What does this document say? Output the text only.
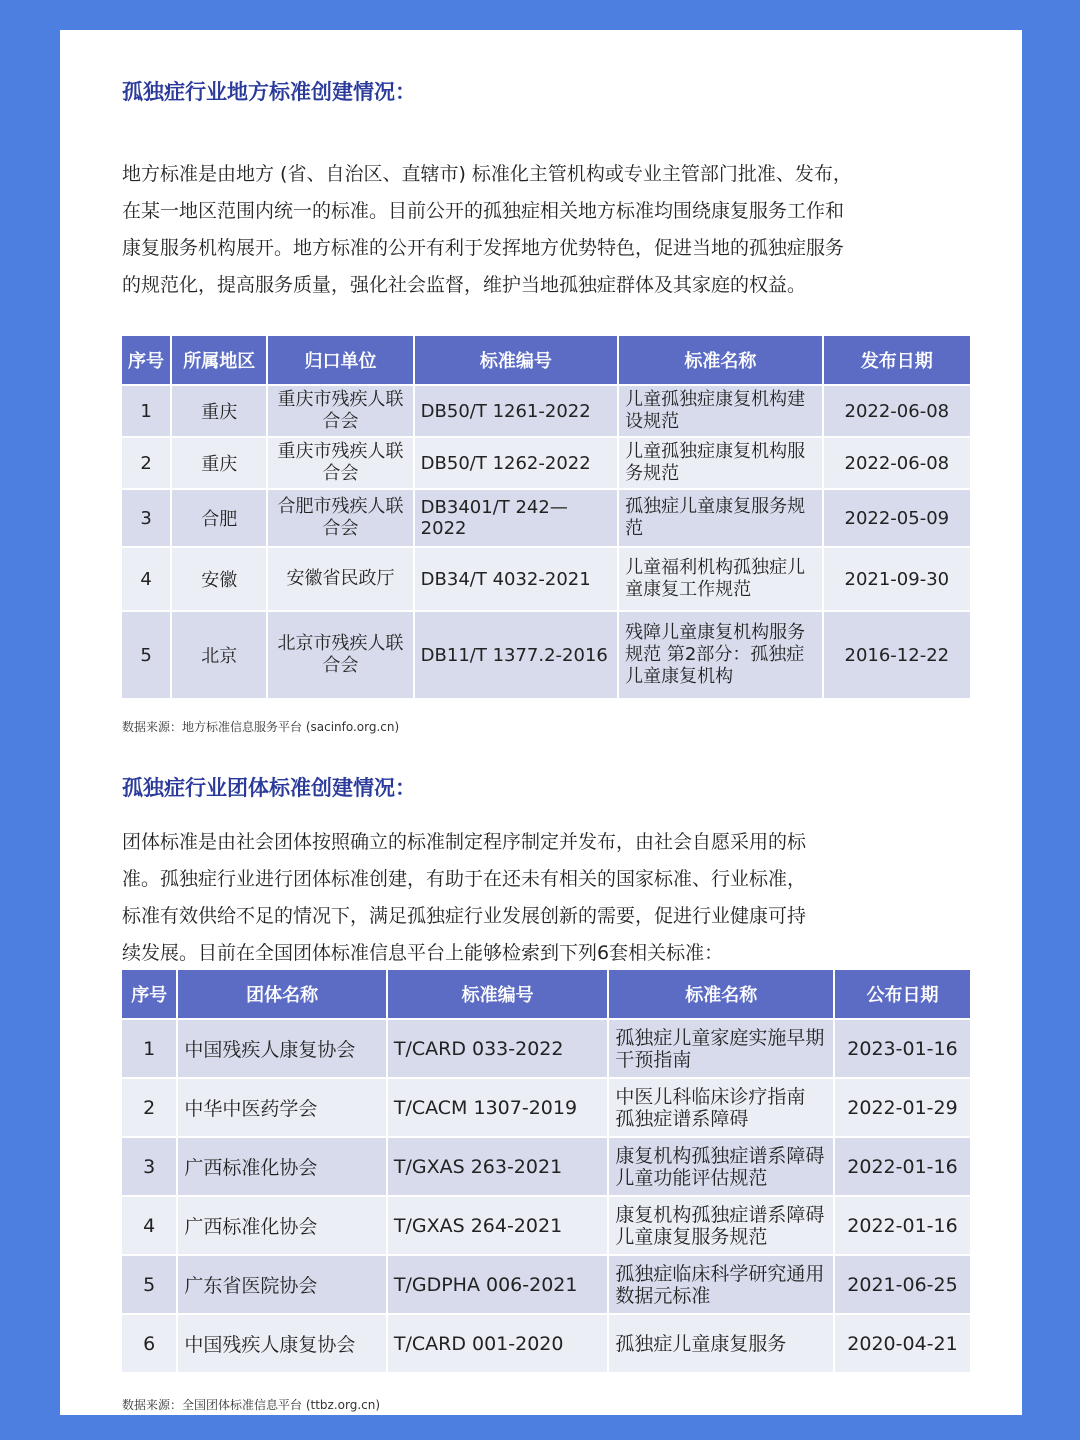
孤独症行业地方标准创建情况：
地方标准是由地方 (省、自治区、直辖市) 标准化主管机构或专业主管部门批准、发布，
在某一地区范围内统一的标准。目前公开的孤独症相关地方标准均围绕康复服务工作和
康复服务机构展开。地方标准的公开有利于发挥地方优势特色，促进当地的孤独症服务
的规范化，提高服务质量，强化社会监督，维护当地孤独症群体及其家庭的权益。
序号	所属地区	归口单位	标准编号	标准名称	发布日期
1	重庆	重庆市残疾人联合会	DB50/T 1261-2022	儿童孤独症康复机构建设规范	2022-06-08
2	重庆	重庆市残疾人联合会	DB50/T 1262-2022	儿童孤独症康复机构服务规范	2022-06-08
3	合肥	合肥市残疾人联合会	DB3401/T 242—2022	孤独症儿童康复服务规范	2022-05-09
4	安徽	安徽省民政厅	DB34/T 4032-2021	儿童福利机构孤独症儿童康复工作规范	2021-09-30
5	北京	北京市残疾人联合会	DB11/T 1377.2-2016	残障儿童康复机构服务规范 第2部分：孤独症儿童康复机构	2016-12-22
数据来源：地方标准信息服务平台 (sacinfo.org.cn)
孤独症行业团体标准创建情况：
团体标准是由社会团体按照确立的标准制定程序制定并发布，由社会自愿采用的标
准。孤独症行业进行团体标准创建，有助于在还未有相关的国家标准、行业标准，
标准有效供给不足的情况下，满足孤独症行业发展创新的需要，促进行业健康可持
续发展。目前在全国团体标准信息平台上能够检索到下列6套相关标准：
序号	团体名称	标准编号	标准名称	公布日期
1	中国残疾人康复协会	T/CARD 033-2022	孤独症儿童家庭实施早期干预指南	2023-01-16
2	中华中医药学会	T/CACM 1307-2019	中医儿科临床诊疗指南 孤独症谱系障碍	2022-01-29
3	广西标准化协会	T/GXAS 263-2021	康复机构孤独症谱系障碍儿童功能评估规范	2022-01-16
4	广西标准化协会	T/GXAS 264-2021	康复机构孤独症谱系障碍儿童康复服务规范	2022-01-16
5	广东省医院协会	T/GDPHA 006-2021	孤独症临床科学研究通用数据元标准	2021-06-25
6	中国残疾人康复协会	T/CARD 001-2020	孤独症儿童康复服务	2020-04-21
数据来源：全国团体标准信息平台 (ttbz.org.cn)
